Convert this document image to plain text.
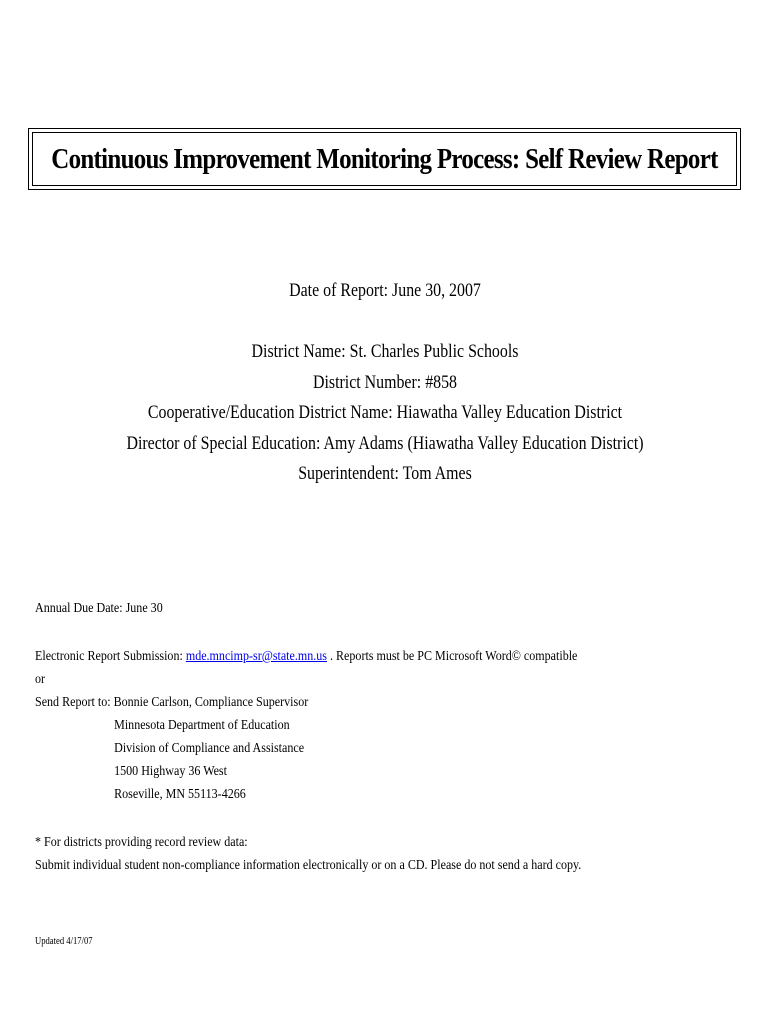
Continuous Improvement Monitoring Process: Self Review Report
Date of Report: June 30, 2007
District Name: St. Charles Public Schools
District Number: #858
Cooperative/Education District Name: Hiawatha Valley Education District
Director of Special Education: Amy Adams (Hiawatha Valley Education District)
Superintendent: Tom Ames
Annual Due Date: June 30
Electronic Report Submission: mde.mncimp-sr@state.mn.us . Reports must be PC Microsoft Word© compatible
or
Send Report to: Bonnie Carlson, Compliance Supervisor
Minnesota Department of Education
Division of Compliance and Assistance
1500 Highway 36 West
Roseville, MN 55113-4266
* For districts providing record review data:
Submit individual student non-compliance information electronically or on a CD. Please do not send a hard copy.
Updated 4/17/07
